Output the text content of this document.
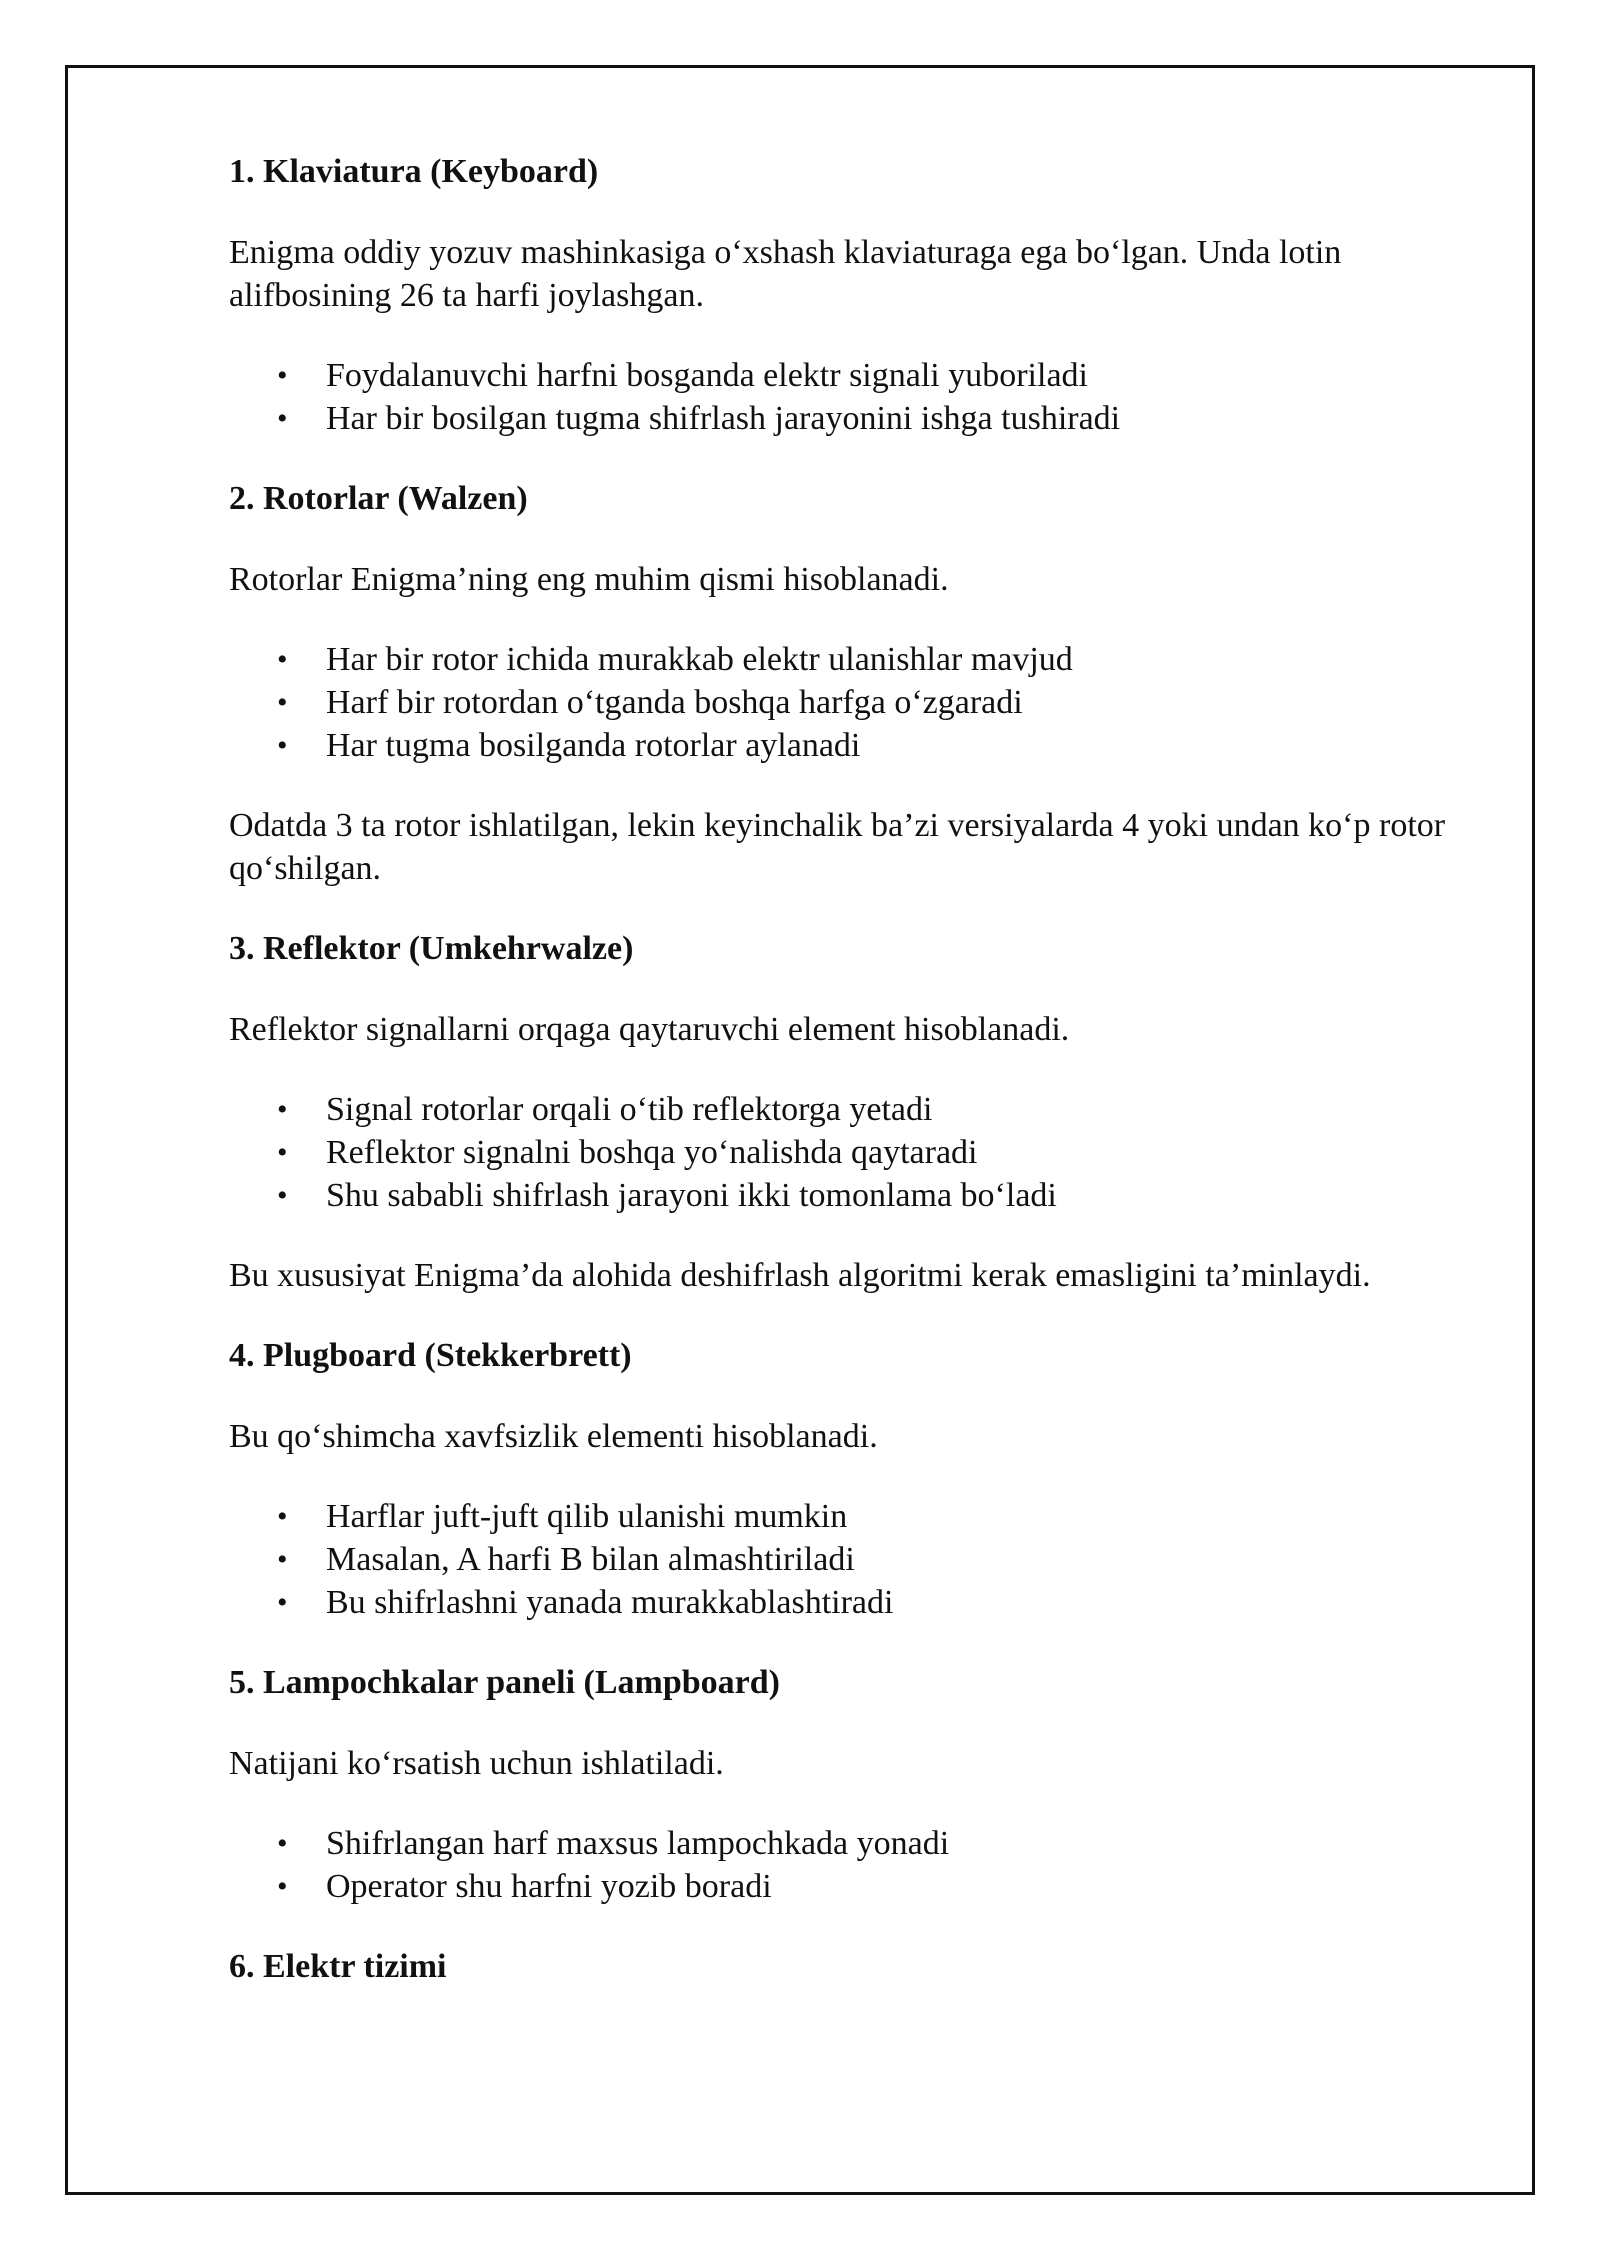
1. Klaviatura (Keyboard)
Enigma oddiy yozuv mashinkasiga o‘xshash klaviaturaga ega bo‘lgan. Unda lotin alifbosining 26 ta harfi joylashgan.
• Foydalanuvchi harfni bosganda elektr signali yuboriladi
• Har bir bosilgan tugma shifrlash jarayonini ishga tushiradi
2. Rotorlar (Walzen)
Rotorlar Enigma’ning eng muhim qismi hisoblanadi.
• Har bir rotor ichida murakkab elektr ulanishlar mavjud
• Harf bir rotordan o‘tganda boshqa harfga o‘zgaradi
• Har tugma bosilganda rotorlar aylanadi
Odatda 3 ta rotor ishlatilgan, lekin keyinchalik ba’zi versiyalarda 4 yoki undan ko‘p rotor qo‘shilgan.
3. Reflektor (Umkehrwalze)
Reflektor signallarni orqaga qaytaruvchi element hisoblanadi.
• Signal rotorlar orqali o‘tib reflektorga yetadi
• Reflektor signalni boshqa yo‘nalishda qaytaradi
• Shu sababli shifrlash jarayoni ikki tomonlama bo‘ladi
Bu xususiyat Enigma’da alohida deshifrlash algoritmi kerak emasligini ta’minlaydi.
4. Plugboard (Stekkerbrett)
Bu qo‘shimcha xavfsizlik elementi hisoblanadi.
• Harflar juft-juft qilib ulanishi mumkin
• Masalan, A harfi B bilan almashtiriladi
• Bu shifrlashni yanada murakkablashtiradi
5. Lampochkalar paneli (Lampboard)
Natijani ko‘rsatish uchun ishlatiladi.
• Shifrlangan harf maxsus lampochkada yonadi
• Operator shu harfni yozib boradi
6. Elektr tizimi
